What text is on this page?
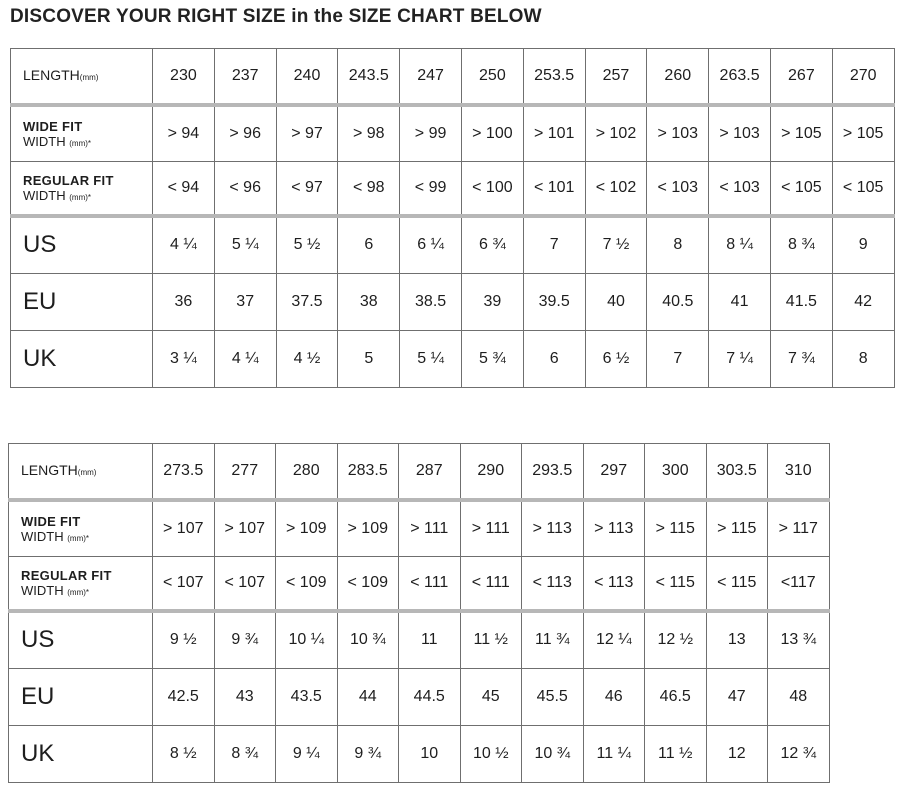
DISCOVER YOUR RIGHT SIZE in the SIZE CHART BELOW
LENGTH(mm)	230	237	240	243.5	247	250	253.5	257	260	263.5	267	270

WIDE FIT
WIDTH (mm)*	> 94	> 96	> 97	> 98	> 99	> 100	> 101	> 102	> 103	> 103	> 105	> 105

REGULAR FIT
WIDTH (mm)*	< 94	< 96	< 97	< 98	< 99	< 100	< 101	< 102	< 103	< 103	< 105	< 105
US	4 ¼	5 ¼	5 ½	6	6 ¼	6 ¾	7	7 ½	8	8 ¼	8 ¾	9
EU	36	37	37.5	38	38.5	39	39.5	40	40.5	41	41.5	42
UK	3 ¼	4 ¼	4 ½	5	5 ¼	5 ¾	6	6 ½	7	7 ¼	7 ¾	8
LENGTH(mm)	273.5	277	280	283.5	287	290	293.5	297	300	303.5	310

WIDE FIT
WIDTH (mm)*	> 107	> 107	> 109	> 109	> 111	> 111	> 113	> 113	> 115	> 115	> 117

REGULAR FIT
WIDTH (mm)*	< 107	< 107	< 109	< 109	< 111	< 111	< 113	< 113	< 115	< 115	<117
US	9 ½	9 ¾	10 ¼	10 ¾	11	11 ½	11 ¾	12 ¼	12 ½	13	13 ¾
EU	42.5	43	43.5	44	44.5	45	45.5	46	46.5	47	48
UK	8 ½	8 ¾	9 ¼	9 ¾	10	10 ½	10 ¾	11 ¼	11 ½	12	12 ¾
